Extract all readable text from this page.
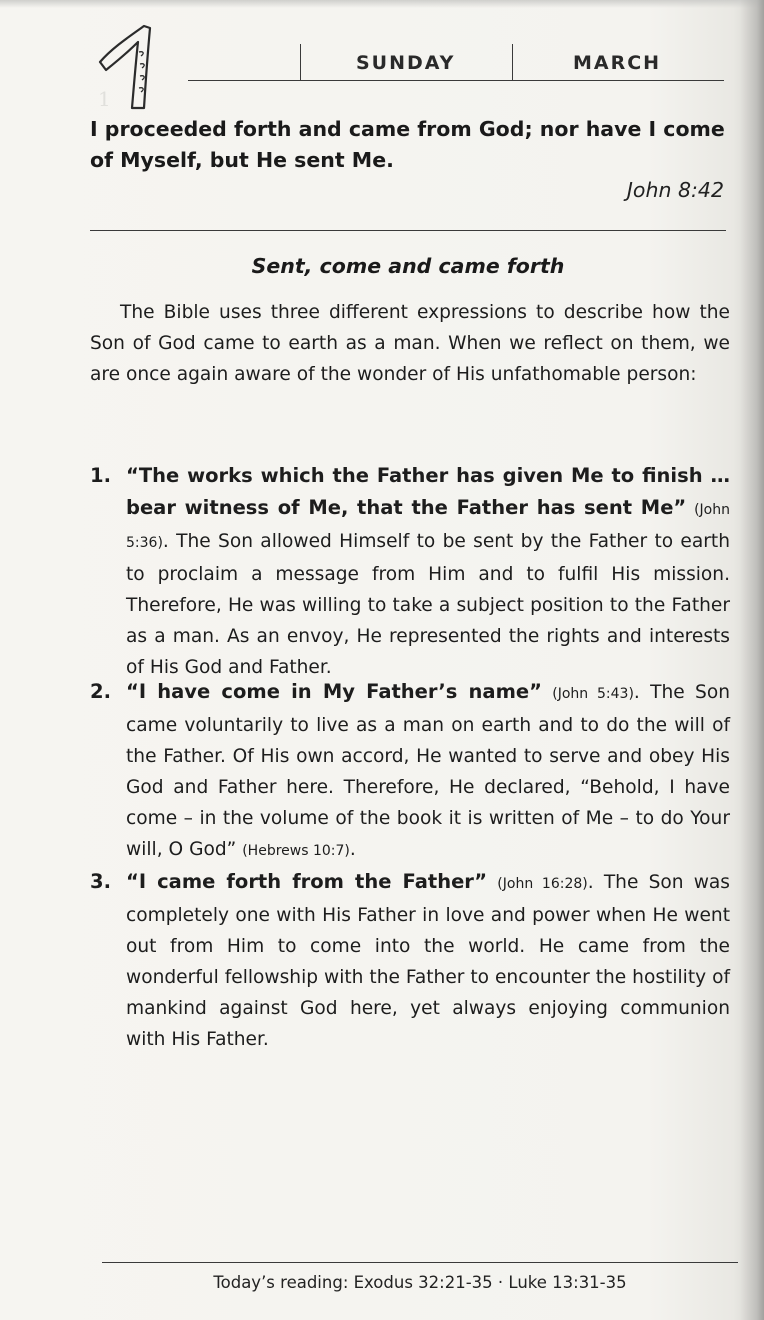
1
SUNDAY	MARCH
I proceeded forth and came from God; nor have I come of Myself, but He sent Me.
John 8:42
Sent, come and came forth
The Bible uses three different expressions to describe how the Son of God came to earth as a man. When we reflect on them, we are once again aware of the wonder of His unfathomable person:
1. “The works which the Father has given Me to finish … bear witness of Me, that the Father has sent Me” (John 5:36). The Son allowed Himself to be sent by the Father to earth to proclaim a message from Him and to fulfil His mission. Therefore, He was willing to take a subject position to the Father as a man. As an envoy, He represented the rights and interests of His God and Father.
2. “I have come in My Father’s name” (John 5:43). The Son came voluntarily to live as a man on earth and to do the will of the Father. Of His own accord, He wanted to serve and obey His God and Father here. Therefore, He declared, “Behold, I have come – in the volume of the book it is written of Me – to do Your will, O God” (Hebrews 10:7).
3. “I came forth from the Father” (John 16:28). The Son was completely one with His Father in love and power when He went out from Him to come into the world. He came from the wonderful fellowship with the Father to encounter the hostility of mankind against God here, yet always enjoying communion with His Father.
Today’s reading: Exodus 32:21-35 · Luke 13:31-35
